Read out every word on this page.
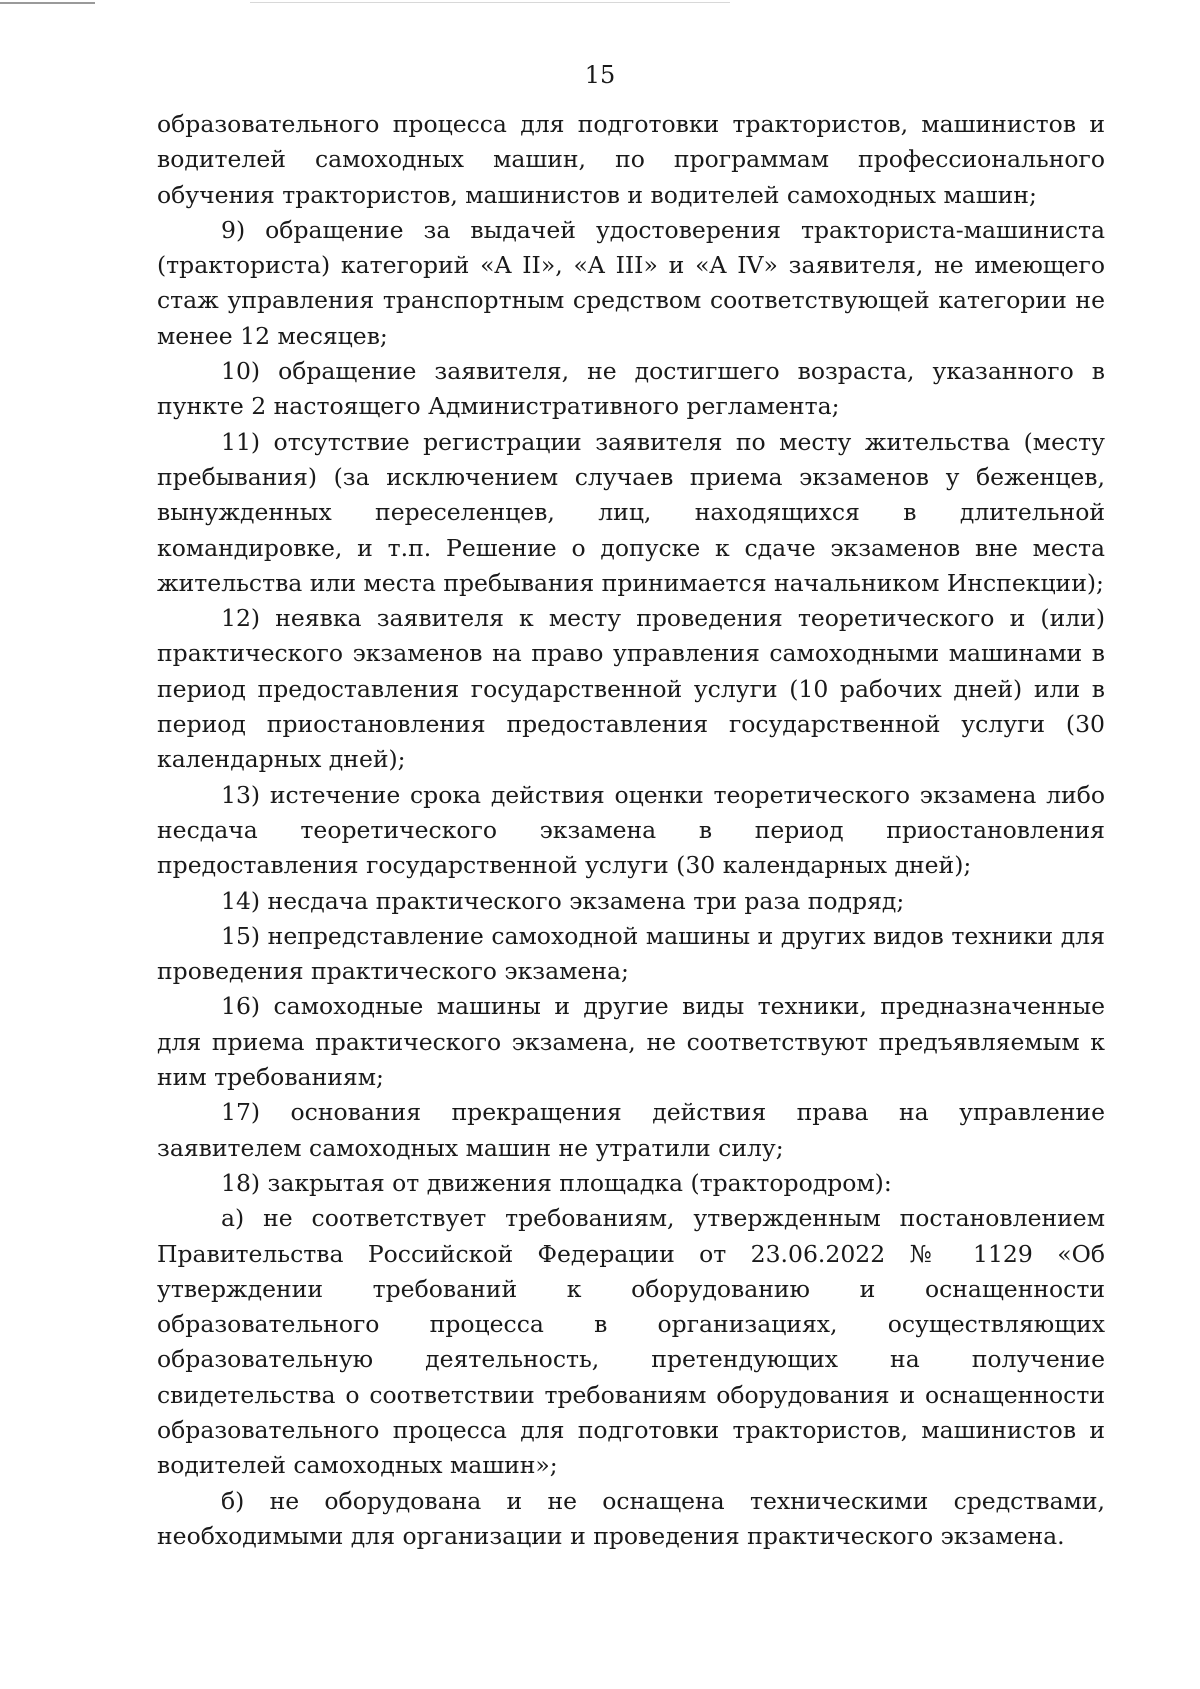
15

образовательного процесса для подготовки трактористов, машинистов и водителей самоходных машин, по программам профессионального обучения трактористов, машинистов и водителей самоходных машин;

9) обращение за выдачей удостоверения тракториста-машиниста (тракториста) категорий «A II», «A III» и «A IV» заявителя, не имеющего стаж управления транспортным средством соответствующей категории не менее 12 месяцев;

10) обращение заявителя, не достигшего возраста, указанного в пункте 2 настоящего Административного регламента;

11) отсутствие регистрации заявителя по месту жительства (месту пребывания) (за исключением случаев приема экзаменов у беженцев, вынужденных переселенцев, лиц, находящихся в длительной командировке, и т.п. Решение о допуске к сдаче экзаменов вне места жительства или места пребывания принимается начальником Инспекции);

12) неявка заявителя к месту проведения теоретического и (или) практического экзаменов на право управления самоходными машинами в период предоставления государственной услуги (10 рабочих дней) или в период приостановления предоставления государственной услуги (30 календарных дней);

13) истечение срока действия оценки теоретического экзамена либо несдача теоретического экзамена в период приостановления предоставления государственной услуги (30 календарных дней);

14) несдача практического экзамена три раза подряд;

15) непредставление самоходной машины и других видов техники для проведения практического экзамена;

16) самоходные машины и другие виды техники, предназначенные для приема практического экзамена, не соответствуют предъявляемым к ним требованиям;

17) основания прекращения действия права на управление заявителем самоходных машин не утратили силу;

18) закрытая от движения площадка (трактородром):

а) не соответствует требованиям, утвержденным постановлением Правительства Российской Федерации от 23.06.2022 № 1129 «Об утверждении требований к оборудованию и оснащенности образовательного процесса в организациях, осуществляющих образовательную деятельность, претендующих на получение свидетельства о соответствии требованиям оборудования и оснащенности образовательного процесса для подготовки трактористов, машинистов и водителей самоходных машин»;

б) не оборудована и не оснащена техническими средствами, необходимыми для организации и проведения практического экзамена.
